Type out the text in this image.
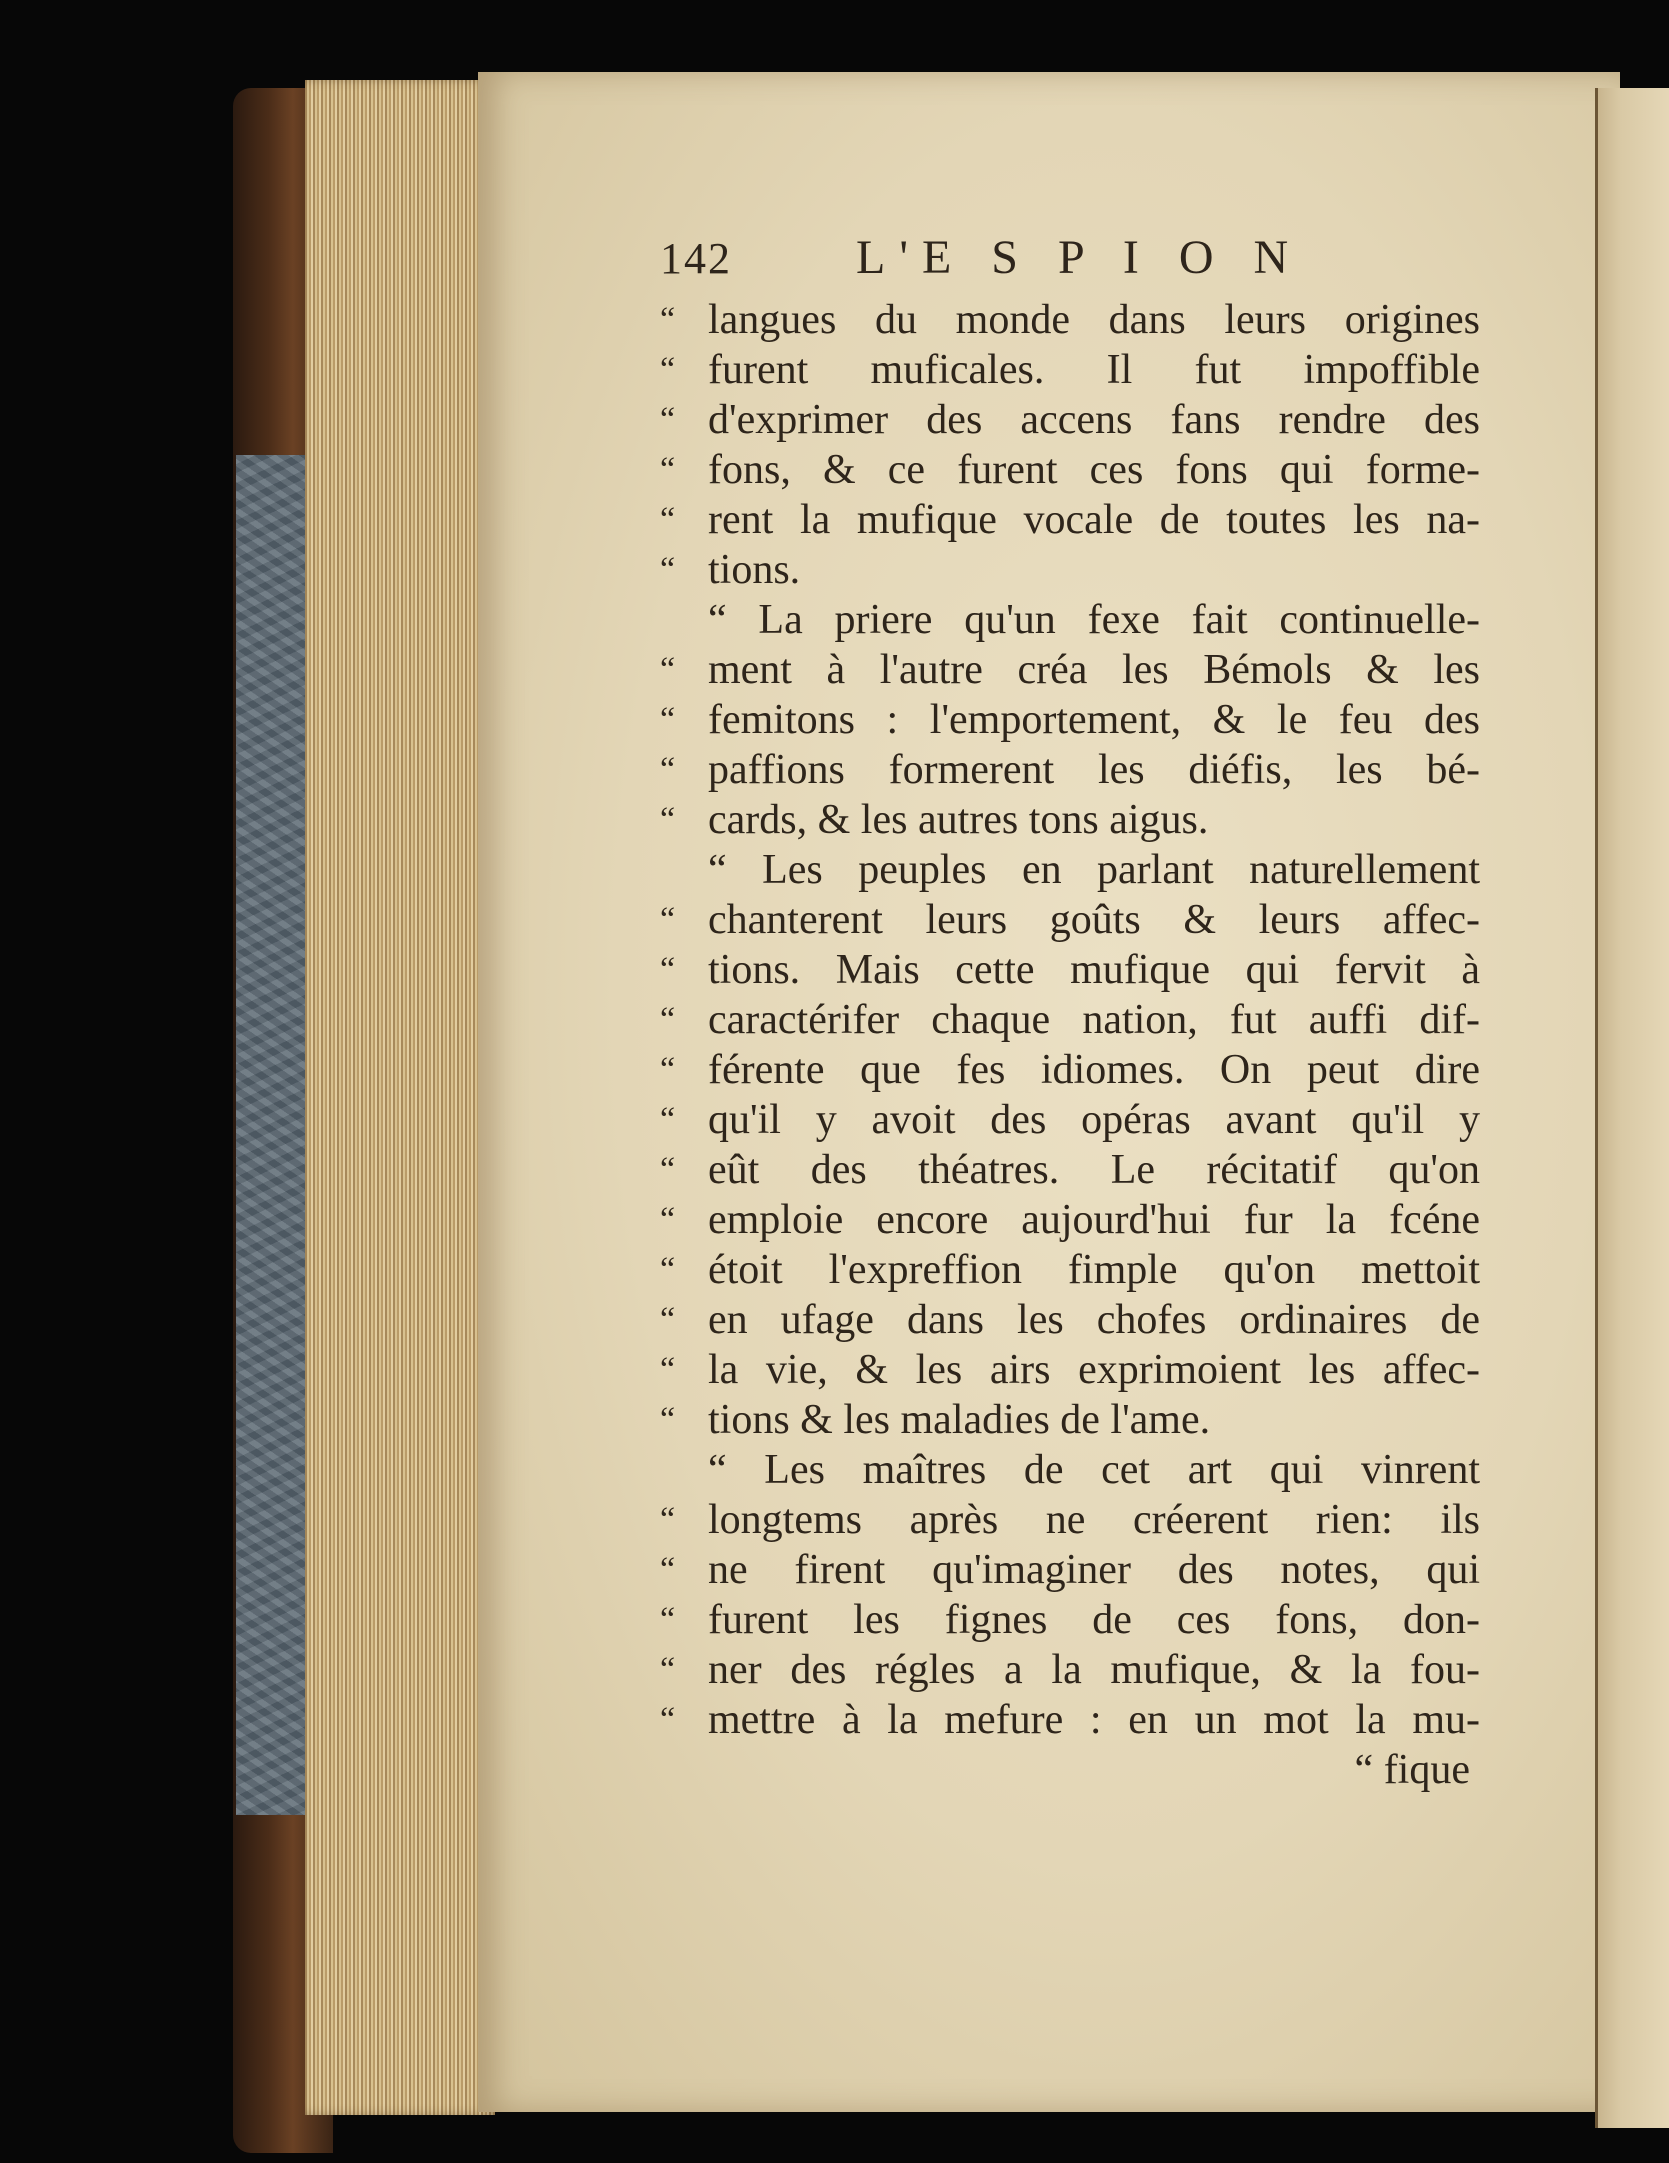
142	L'E S P I O N
“ langues du monde dans leurs origines
“ furent muficales. Il fut impoffible
“ d'exprimer des accens fans rendre des
“ fons, & ce furent ces fons qui forme-
“ rent la mufique vocale de toutes les na-
“ tions.
“ La priere qu'un fexe fait continuelle-
“ ment à l'autre créa les Bémols & les
“ femitons : l'emportement, & le feu des
“ paffions formerent les diéfis, les bé-
“ cards, & les autres tons aigus.
“ Les peuples en parlant naturellement
“ chanterent leurs goûts & leurs affec-
“ tions. Mais cette mufique qui fervit à
“ caractérifer chaque nation, fut auffi dif-
“ férente que fes idiomes. On peut dire
“ qu'il y avoit des opéras avant qu'il y
“ eût des théatres. Le récitatif qu'on
“ emploie encore aujourd'hui fur la fcéne
“ étoit l'expreffion fimple qu'on mettoit
“ en ufage dans les chofes ordinaires de
“ la vie, & les airs exprimoient les affec-
“ tions & les maladies de l'ame.
“ Les maîtres de cet art qui vinrent
“ longtems après ne créerent rien: ils
“ ne firent qu'imaginer des notes, qui
“ furent les fignes de ces fons, don-
“ ner des régles a la mufique, & la fou-
“ mettre à la mefure : en un mot la mu-
“ fique
